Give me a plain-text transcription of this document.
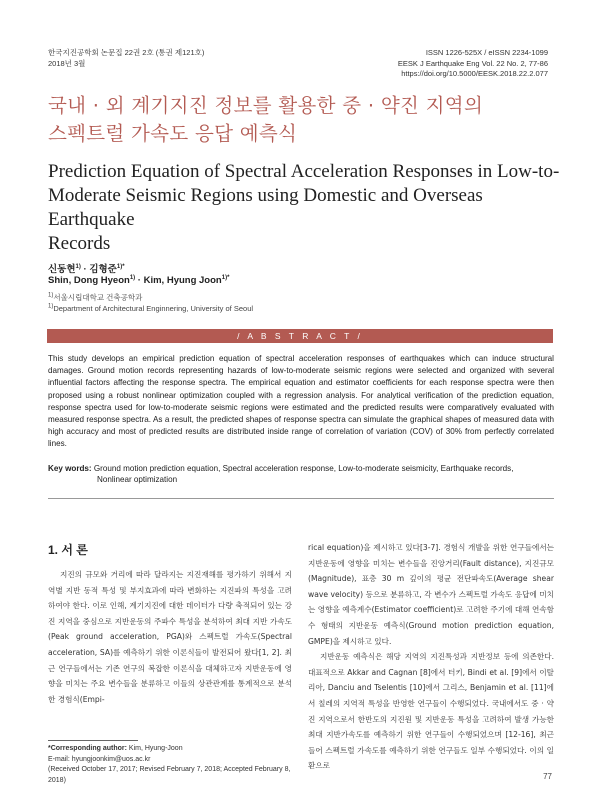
한국지진공학회 논문집 22권 2호 (통권 제121호)
2018년 3월
ISSN 1226-525X / eISSN 2234-1099
EESK J Earthquake Eng Vol. 22 No. 2, 77-86
https://doi.org/10.5000/EESK.2018.22.2.077
국내 · 외 계기지진 정보를 활용한 중 · 약진 지역의
스펙트럴 가속도 응답 예측식
Prediction Equation of Spectral Acceleration Responses in Low-to-
Moderate Seismic Regions using Domestic and Overseas Earthquake
Records
신동현$^{1)}$ · 김형준$^{1)*}$
Shin, Dong Hyeon$^{1)}$ · Kim, Hyung Joon$^{1)*}$
$^{1)}$서울시립대학교 건축공학과
$^{1)}$Department of Architectural Enginnering, University of Seoul
/ A B S T R A C T /
This study develops an empirical prediction equation of spectral acceleration responses of earthquakes which can induce structural damages. Ground motion records representing hazards of low-to-moderate seismic regions were selected and organized with several influential factors affecting the response spectra. The empirical equation and estimator coefficients for each response spectra were then proposed using a robust nonlinear optimization coupled with a regression analysis. For analytical verification of the prediction equation, response spectra used for low-to-moderate seismic regions were estimated and the predicted results were comparatively evaluated with measured response spectra. As a result, the predicted shapes of response spectra can simulate the graphical shapes of measured data with high accuracy and most of predicted results are distributed inside range of correlation of variation (COV) of 30% from perfectly correlated lines.
Key words: Ground motion prediction equation, Spectral acceleration response, Low-to-moderate seismicity, Earthquake records,
Nonlinear optimization
1. 서 론

지진의 규모와 거리에 따라 달라지는 지진재해를 평가하기 위해서 지역별 지반 동적 특성 및 부지효과에 따라 변화하는 지진파의 특성을 고려하여야 한다. 이로 인해, 계기지진에 대한 데이터가 다량 축적되어 있는 강진 지역을 중심으로 지반운동의 주파수 특성을 분석하여 최대 지반 가속도(Peak ground acceleration, PGA)와 스펙트럴 가속도(Spectral acceleration, SA)를 예측하기 위한 이론식들이 발전되어 왔다[1, 2]. 최근 연구들에서는 기존 연구의 복잡한 이론식을 대체하고자 지반운동에 영향을 미치는 주요 변수들을 분류하고 이들의 상관관계를 통계적으로 분석한 경험식(Empi-

rical equation)을 제시하고 있다[3-7]. 경험식 개발을 위한 연구들에서는 지반운동에 영향을 미치는 변수들을 진앙거리(Fault distance), 지진규모(Magnitude), 표층 30 m 깊이의 평균 전단파속도(Average shear wave velocity) 등으로 분류하고, 각 변수가 스펙트럴 가속도 응답에 미치는 영향을 예측계수(Estimator coefficient)로 고려한 주기에 대해 연속함수 형태의 지반운동 예측식(Ground motion prediction equation, GMPE)을 제시하고 있다.

지반운동 예측식은 해당 지역의 지진특성과 지반정보 등에 의존한다. 대표적으로 Akkar and Cagnan [8]에서 터키, Bindi et al. [9]에서 이탈리아, Danciu and Tselentis [10]에서 그리스, Benjamin et al. [11]에서 칠레의 지역적 특성을 반영한 연구들이 수행되었다. 국내에서도 중 · 약진 지역으로서 한반도의 지진원 및 지반운동 특성을 고려하여 발생 가능한 최대 지반가속도를 예측하기 위한 연구들이 수행되었으며 [12-16], 최근 들어 스펙트럴 가속도를 예측하기 위한 연구들도 일부 수행되었다. 이의 일환으로

*Corresponding author: Kim, Hyung-Joon
E-mail: hyungjoonkim@uos.ac.kr
(Received October 17, 2017; Revised February 7, 2018; Accepted February 8, 2018)	77
